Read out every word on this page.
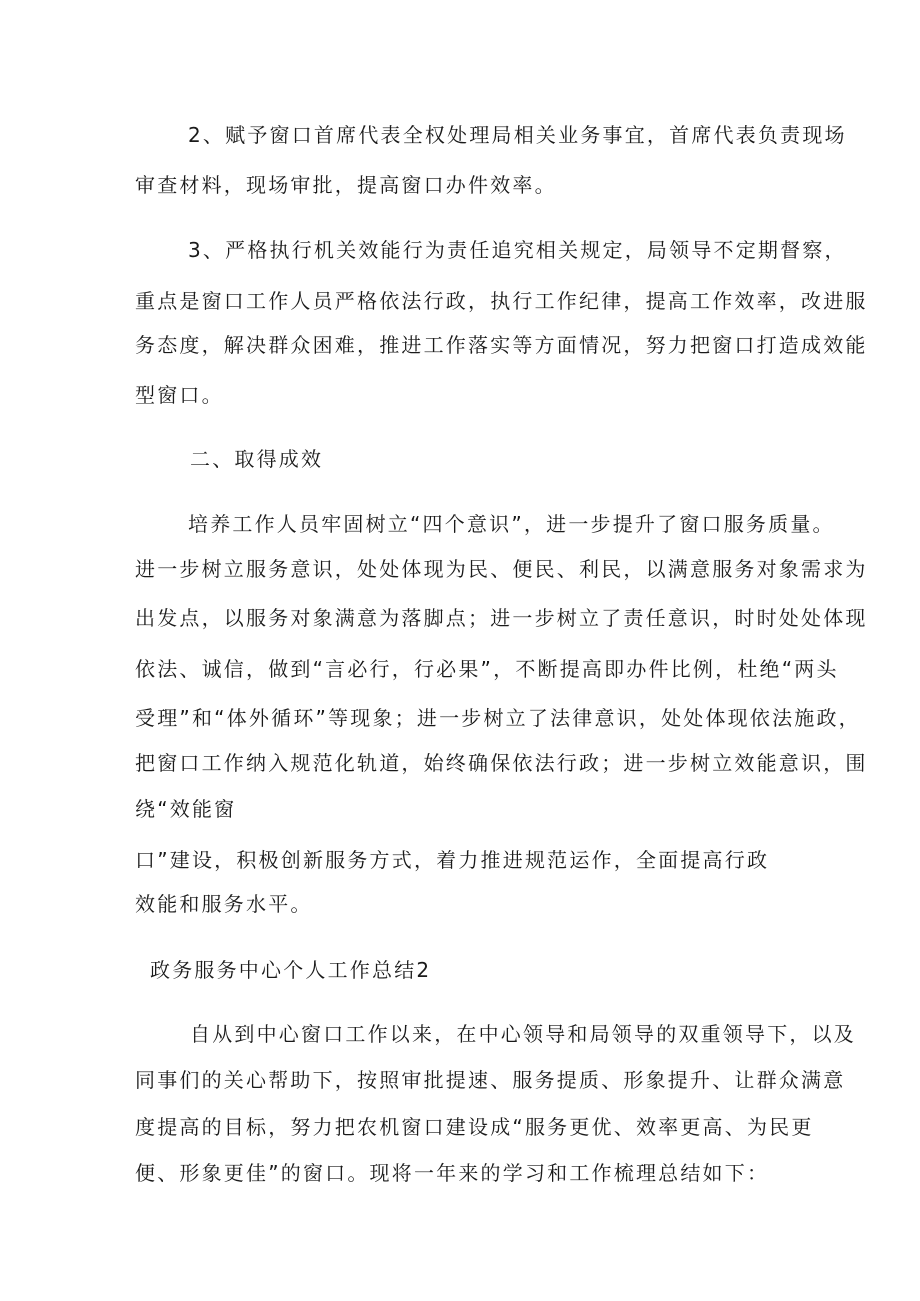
2、赋予窗口首席代表全权处理局相关业务事宜，首席代表负责现场
审查材料，现场审批，提高窗口办件效率。
3、严格执行机关效能行为责任追究相关规定，局领导不定期督察，
重点是窗口工作人员严格依法行政，执行工作纪律，提高工作效率，改进服
务态度，解决群众困难，推进工作落实等方面情况，努力把窗口打造成效能
型窗口。
二、取得成效
培养工作人员牢固树立“四个意识”，进一步提升了窗口服务质量。
进一步树立服务意识，处处体现为民、便民、利民，以满意服务对象需求为
出发点，以服务对象满意为落脚点；进一步树立了责任意识，时时处处体现
依法、诚信，做到“言必行，行必果”，不断提高即办件比例，杜绝“两头
受理”和“体外循环”等现象；进一步树立了法律意识，处处体现依法施政，
把窗口工作纳入规范化轨道，始终确保依法行政；进一步树立效能意识，围
绕“效能窗
口”建设，积极创新服务方式，着力推进规范运作，全面提高行政
效能和服务水平。
政务服务中心个人工作总结2
自从到中心窗口工作以来，在中心领导和局领导的双重领导下，以及
同事们的关心帮助下，按照审批提速、服务提质、形象提升、让群众满意
度提高的目标，努力把农机窗口建设成“服务更优、效率更高、为民更
便、形象更佳”的窗口。现将一年来的学习和工作梳理总结如下：
